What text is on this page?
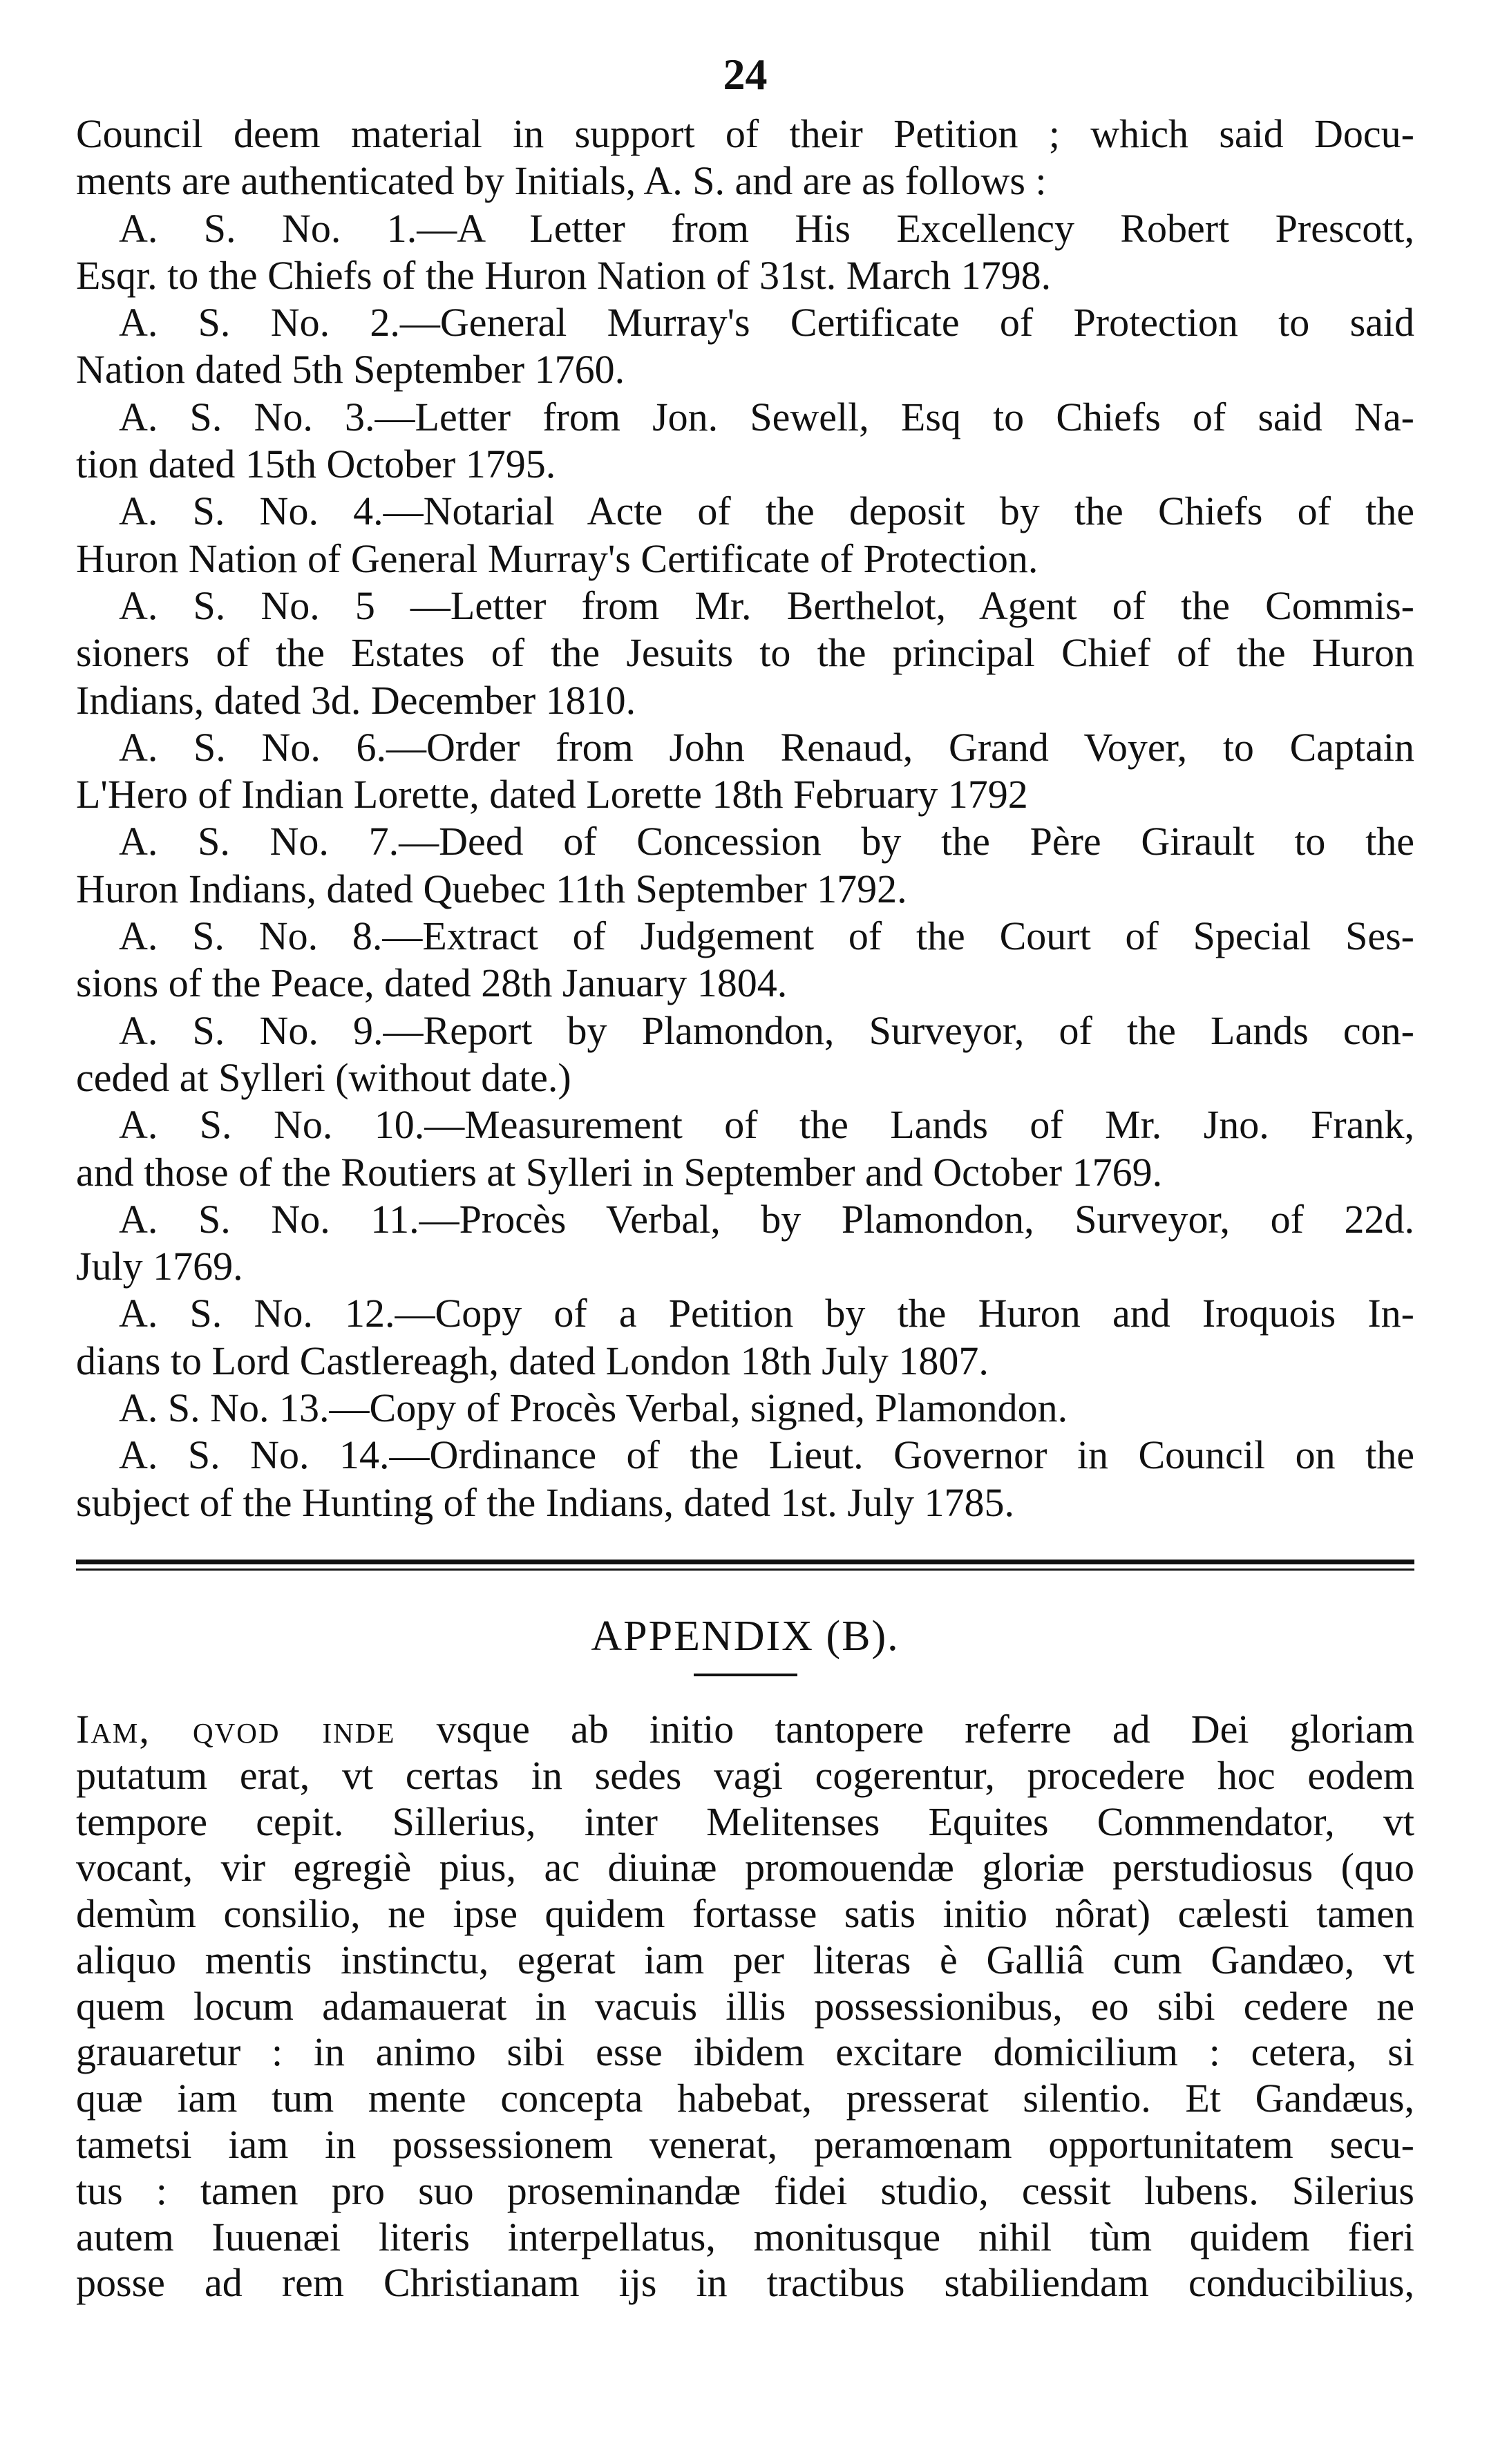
24
Council deem material in support of their Petition ; which said Docu-
ments are authenticated by Initials, A. S. and are as follows :
A. S. No. 1.—A Letter from His Excellency Robert Prescott,
Esqr. to the Chiefs of the Huron Nation of 31st. March 1798.
A. S. No. 2.—General Murray's Certificate of Protection to said
Nation dated 5th September 1760.
A. S. No. 3.—Letter from Jon. Sewell, Esq to Chiefs of said Na-
tion dated 15th October 1795.
A. S. No. 4.—Notarial Acte of the deposit by the Chiefs of the
Huron Nation of General Murray's Certificate of Protection.
A. S. No. 5 —Letter from Mr. Berthelot, Agent of the Commis-
sioners of the Estates of the Jesuits to the principal Chief of the Huron
Indians, dated 3d. December 1810.
A. S. No. 6.—Order from John Renaud, Grand Voyer, to Captain
L'Hero of Indian Lorette, dated Lorette 18th February 1792
A. S. No. 7.—Deed of Concession by the Père Girault to the
Huron Indians, dated Quebec 11th September 1792.
A. S. No. 8.—Extract of Judgement of the Court of Special Ses-
sions of the Peace, dated 28th January 1804.
A. S. No. 9.—Report by Plamondon, Surveyor, of the Lands con-
ceded at Sylleri (without date.)
A. S. No. 10.—Measurement of the Lands of Mr. Jno. Frank,
and those of the Routiers at Sylleri in September and October 1769.
A. S. No. 11.—Procès Verbal, by Plamondon, Surveyor, of 22d.
July 1769.
A. S. No. 12.—Copy of a Petition by the Huron and Iroquois In-
dians to Lord Castlereagh, dated London 18th July 1807.
A. S. No. 13.—Copy of Procès Verbal, signed, Plamondon.
A. S. No. 14.—Ordinance of the Lieut. Governor in Council on the
subject of the Hunting of the Indians, dated 1st. July 1785.
APPENDIX (B).
Iam, qvod inde vsque ab initio tantopere referre ad Dei gloriam
putatum erat, vt certas in sedes vagi cogerentur, procedere hoc eodem
tempore cepit. Sillerius, inter Melitenses Equites Commendator, vt
vocant, vir egregiè pius, ac diuinæ promouendæ gloriæ perstudiosus (quo
demùm consilio, ne ipse quidem fortasse satis initio nôrat) cælesti tamen
aliquo mentis instinctu, egerat iam per literas è Galliâ cum Gandæo, vt
quem locum adamauerat in vacuis illis possessionibus, eo sibi cedere ne
grauaretur : in animo sibi esse ibidem excitare domicilium : cetera, si
quæ iam tum mente concepta habebat, presserat silentio. Et Gandæus,
tametsi iam in possessionem venerat, peramœnam opportunitatem secu-
tus : tamen pro suo proseminandæ fidei studio, cessit lubens. Silerius
autem Iuuenæi literis interpellatus, monitusque nihil tùm quidem fieri
posse ad rem Christianam ijs in tractibus stabiliendam conducibilius,
